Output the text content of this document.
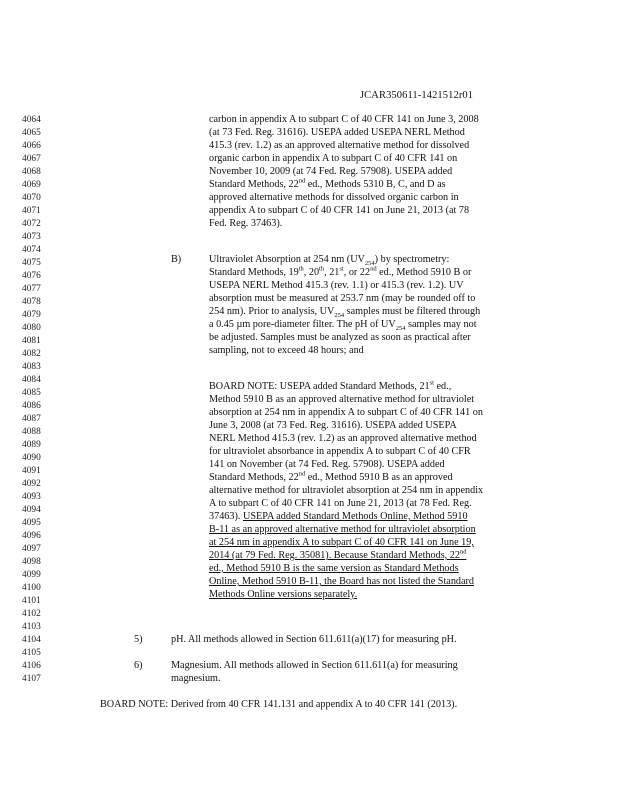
JCAR350611-1421512r01
4064
4065
4066
4067
4068
4069
4070
4071
4072
4073
4074
4075
4076
4077
4078
4079
4080
4081
4082
4083
4084
4085
4086
4087
4088
4089
4090
4091
4092
4093
4094
4095
4096
4097
4098
4099
4100
4101
4102
4103
4104
4105
4106
4107
carbon in appendix A to subpart C of 40 CFR 141 on June 3, 2008
(at 73 Fed. Reg. 31616). USEPA added USEPA NERL Method
415.3 (rev. 1.2) as an approved alternative method for dissolved
organic carbon in appendix A to subpart C of 40 CFR 141 on
November 10, 2009 (at 74 Fed. Reg. 57908). USEPA added
Standard Methods, 22nd ed., Methods 5310 B, C, and D as
approved alternative methods for dissolved organic carbon in
appendix A to subpart C of 40 CFR 141 on June 21, 2013 (at 78
Fed. Reg. 37463).
B)	Ultraviolet Absorption at 254 nm $(UV_{254})$ by spectrometry:
Standard Methods, 19th, 20th, 21st, or 22nd ed., Method 5910 B or
USEPA NERL Method 415.3 (rev. 1.1) or 415.3 (rev. 1.2). UV
absorption must be measured at 253.7 nm (may be rounded off to
254 nm). Prior to analysis, $UV_{254}$ samples must be filtered through
a 0.45 µm pore-diameter filter. The pH of $UV_{254}$ samples may not
be adjusted. Samples must be analyzed as soon as practical after
sampling, not to exceed 48 hours; and
BOARD NOTE: USEPA added Standard Methods, 21st ed.,
Method 5910 B as an approved alternative method for ultraviolet
absorption at 254 nm in appendix A to subpart C of 40 CFR 141 on
June 3, 2008 (at 73 Fed. Reg. 31616). USEPA added USEPA
NERL Method 415.3 (rev. 1.2) as an approved alternative method
for ultraviolet absorbance in appendix A to subpart C of 40 CFR
141 on November (at 74 Fed. Reg. 57908). USEPA added
Standard Methods, 22nd ed., Method 5910 B as an approved
alternative method for ultraviolet absorption at 254 nm in appendix
A to subpart C of 40 CFR 141 on June 21, 2013 (at 78 Fed. Reg.
37463). USEPA added Standard Methods Online, Method 5910
B-11 as an approved alternative method for ultraviolet absorption
at 254 nm in appendix A to subpart C of 40 CFR 141 on June 19,
2014 (at 79 Fed. Reg. 35081). Because Standard Methods, 22nd
ed., Method 5910 B is the same version as Standard Methods
Online, Method 5910 B-11, the Board has not listed the Standard
Methods Online versions separately.
5)	pH. All methods allowed in Section 611.611(a)(17) for measuring pH.
6)	Magnesium. All methods allowed in Section 611.611(a) for measuring
magnesium.
BOARD NOTE: Derived from 40 CFR 141.131 and appendix A to 40 CFR 141 (2013).
